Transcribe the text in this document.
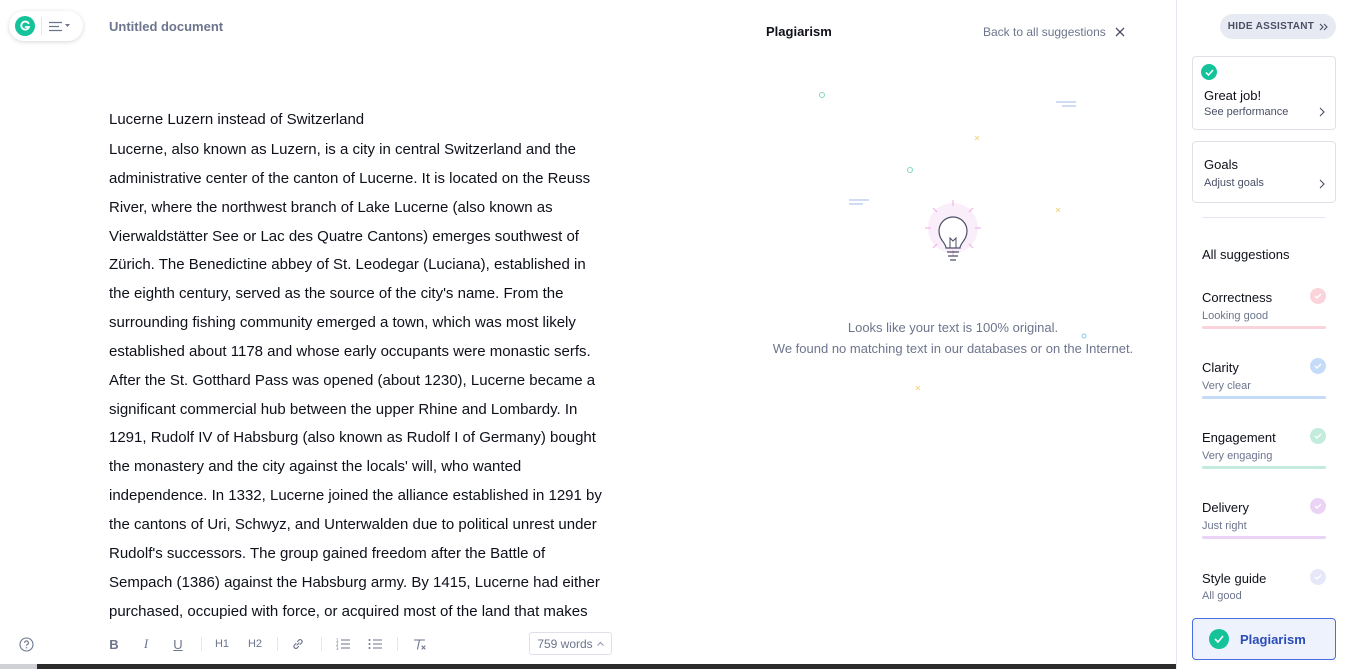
Untitled document
Lucerne Luzern instead of Switzerland
Lucerne, also known as Luzern, is a city in central Switzerland and the
administrative center of the canton of Lucerne. It is located on the Reuss
River, where the northwest branch of Lake Lucerne (also known as
Vierwaldstätter See or Lac des Quatre Cantons) emerges southwest of
Zürich. The Benedictine abbey of St. Leodegar (Luciana), established in
the eighth century, served as the source of the city's name. From the
surrounding fishing community emerged a town, which was most likely
established about 1178 and whose early occupants were monastic serfs.
After the St. Gotthard Pass was opened (about 1230), Lucerne became a
significant commercial hub between the upper Rhine and Lombardy. In
1291, Rudolf IV of Habsburg (also known as Rudolf I of Germany) bought
the monastery and the city against the locals' will, who wanted
independence. In 1332, Lucerne joined the alliance established in 1291 by
the cantons of Uri, Schwyz, and Unterwalden due to political unrest under
Rudolf's successors. The group gained freedom after the Battle of
Sempach (1386) against the Habsburg army. By 1415, Lucerne had either
purchased, occupied with force, or acquired most of the land that makes
B	I	U	H1 H2	1
2
3	759 words
Plagiarism	Back to all suggestions
Looks like your text is 100% original.
We found no matching text in our databases or on the Internet.
HIDE ASSISTANT
Great job!
See performance
Goals
Adjust goals
All suggestions
Correctness
Looking good
Clarity
Very clear
Engagement
Very engaging
Delivery
Just right
Style guide
All good
Plagiarism
